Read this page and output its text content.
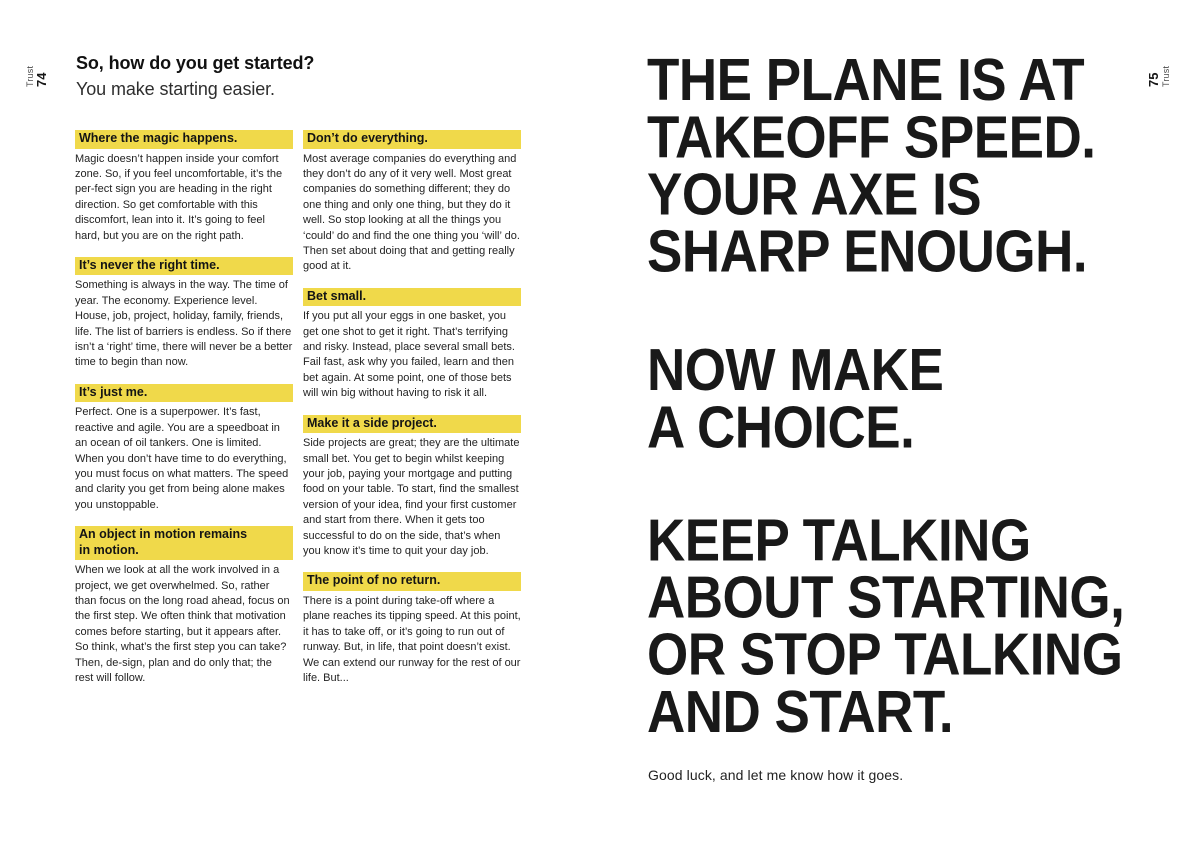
Trust 74
So, how do you get started?

You make starting easier.

Where the magic happens.

Magic doesn’t happen inside your comfort zone. So, if you feel uncomfortable, it’s the per-fect sign you are heading in the right direction. So get comfortable with this discomfort, lean into it. It’s going to feel hard, but you are on the right path.

It’s never the right time.

Something is always in the way. The time of year. The economy. Experience level. House, job, project, holiday, family, friends, life. The list of barriers is endless. So if there isn’t a ‘right’ time, there will never be a better time to begin than now.

It’s just me.

Perfect. One is a superpower. It’s fast, reactive and agile. You are a speedboat in an ocean of oil tankers. One is limited. When you don’t have time to do everything, you must focus on what matters. The speed and clarity you get from being alone makes you unstoppable.

An object in motion remains
in motion.

When we look at all the work involved in a project, we get overwhelmed. So, rather than focus on the long road ahead, focus on the first step. We often think that motivation comes before starting, but it appears after. So think, what’s the first step you can take? Then, de-sign, plan and do only that; the rest will follow.

Don’t do everything.

Most average companies do everything and they don’t do any of it very well. Most great companies do something different; they do one thing and only one thing, but they do it well. So stop looking at all the things you ‘could’ do and find the one thing you ‘will’ do. Then set about doing that and getting really good at it.

Bet small.

If you put all your eggs in one basket, you get one shot to get it right. That’s terrifying and risky. Instead, place several small bets. Fail fast, ask why you failed, learn and then bet again. At some point, one of those bets will win big without having to risk it all.

Make it a side project.

Side projects are great; they are the ultimate small bet. You get to begin whilst keeping your job, paying your mortgage and putting food on your table. To start, find the smallest version of your idea, find your first customer and start from there. When it gets too successful to do on the side, that’s when you know it’s time to quit your day job.

The point of no return.

There is a point during take-off where a plane reaches its tipping speed. At this point, it has to take off, or it’s going to run out of runway. But, in life, that point doesn’t exist. We can extend our runway for the rest of our life. But...

75 Trust
THE PLANE IS AT
TAKEOFF SPEED.
YOUR AXE IS
SHARP ENOUGH.
NOW MAKE
A CHOICE.
KEEP TALKING
ABOUT STARTING,
OR STOP TALKING
AND START.

Good luck, and let me know how it goes.
